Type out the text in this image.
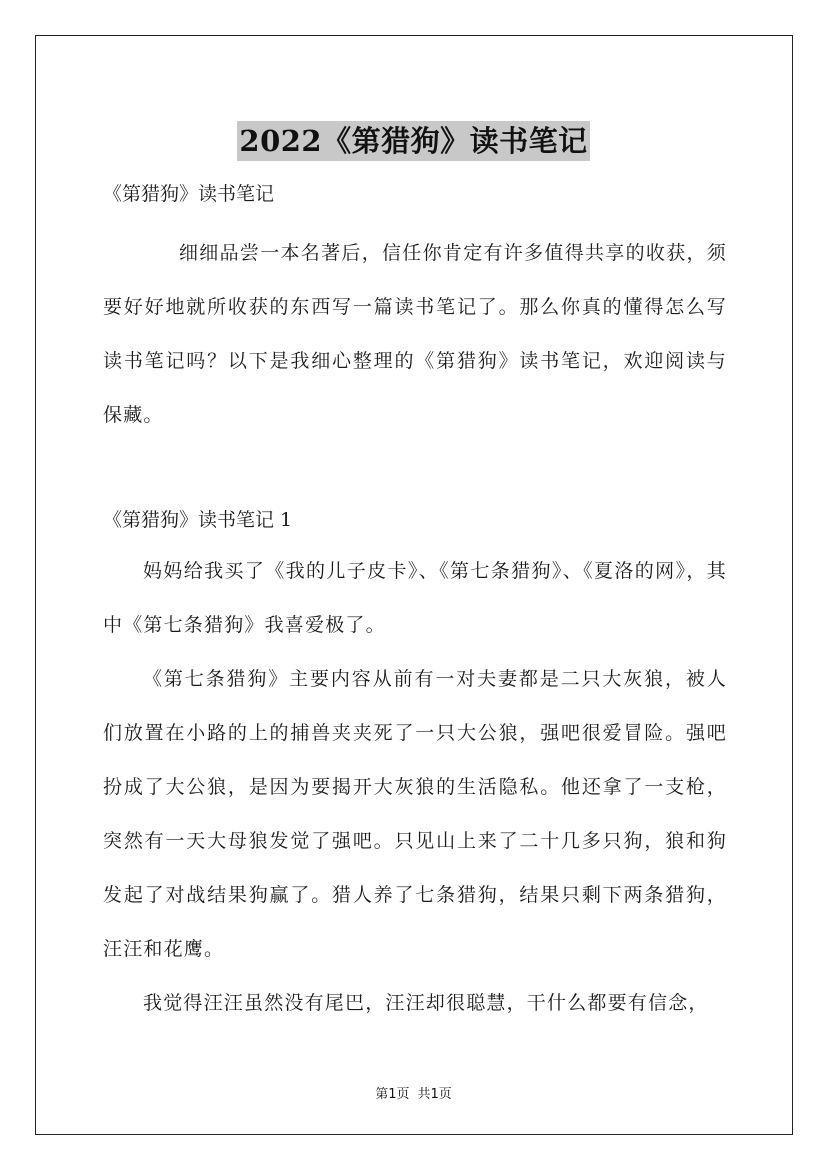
2022《第猎狗》读书笔记

《第猎狗》读书笔记

细细品尝一本名著后，信任你肯定有许多值得共享的收获，须要好好地就所收获的东西写一篇读书笔记了。那么你真的懂得怎么写读书笔记吗？以下是我细心整理的《第猎狗》读书笔记，欢迎阅读与保藏。

《第猎狗》读书笔记 1

妈妈给我买了《我的儿子皮卡》、《第七条猎狗》、《夏洛的网》，其中《第七条猎狗》我喜爱极了。

《第七条猎狗》主要内容从前有一对夫妻都是二只大灰狼，被人们放置在小路的上的捕兽夹夹死了一只大公狼，强吧很爱冒险。强吧扮成了大公狼，是因为要揭开大灰狼的生活隐私。他还拿了一支枪，突然有一天大母狼发觉了强吧。只见山上来了二十几多只狗，狼和狗发起了对战结果狗赢了。猎人养了七条猎狗，结果只剩下两条猎狗，汪汪和花鹰。

我觉得汪汪虽然没有尾巴，汪汪却很聪慧，干什么都要有信念，

第1页 共1页
